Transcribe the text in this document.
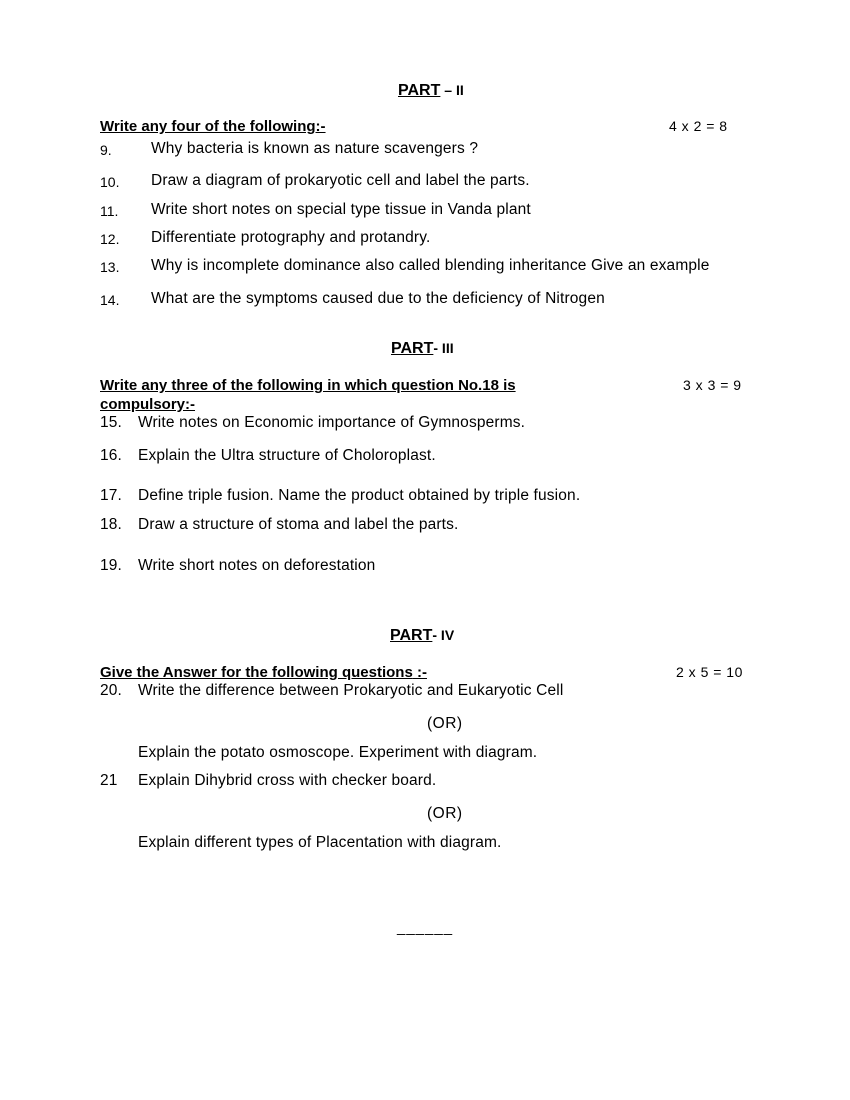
PART – II
Write any four of the following:-	4 x 2 = 8
9.	Why bacteria is known as nature scavengers ?
10. Draw a diagram of prokaryotic cell and label the parts.
11. Write short notes on special type tissue in Vanda plant
12. Differentiate protography and protandry.
13. Why is incomplete dominance also called blending inheritance Give an example
14. What are the symptoms caused due to the deficiency of Nitrogen
PART- III
Write any three of the following in which question No.18 is
compulsory:-
3 x 3 = 9
15. Write notes on Economic importance of Gymnosperms.
16. Explain the Ultra structure of Choloroplast.
17. Define triple fusion. Name the product obtained by triple fusion.
18. Draw a structure of stoma and label the parts.
19. Write short notes on deforestation
PART- IV
Give the Answer for the following questions :-	2 x 5 = 10
20. Write the difference between Prokaryotic and Eukaryotic Cell
(OR)
Explain the potato osmoscope. Experiment with diagram.
21 Explain Dihybrid cross with checker board.
(OR)
Explain different types of Placentation with diagram.
______
